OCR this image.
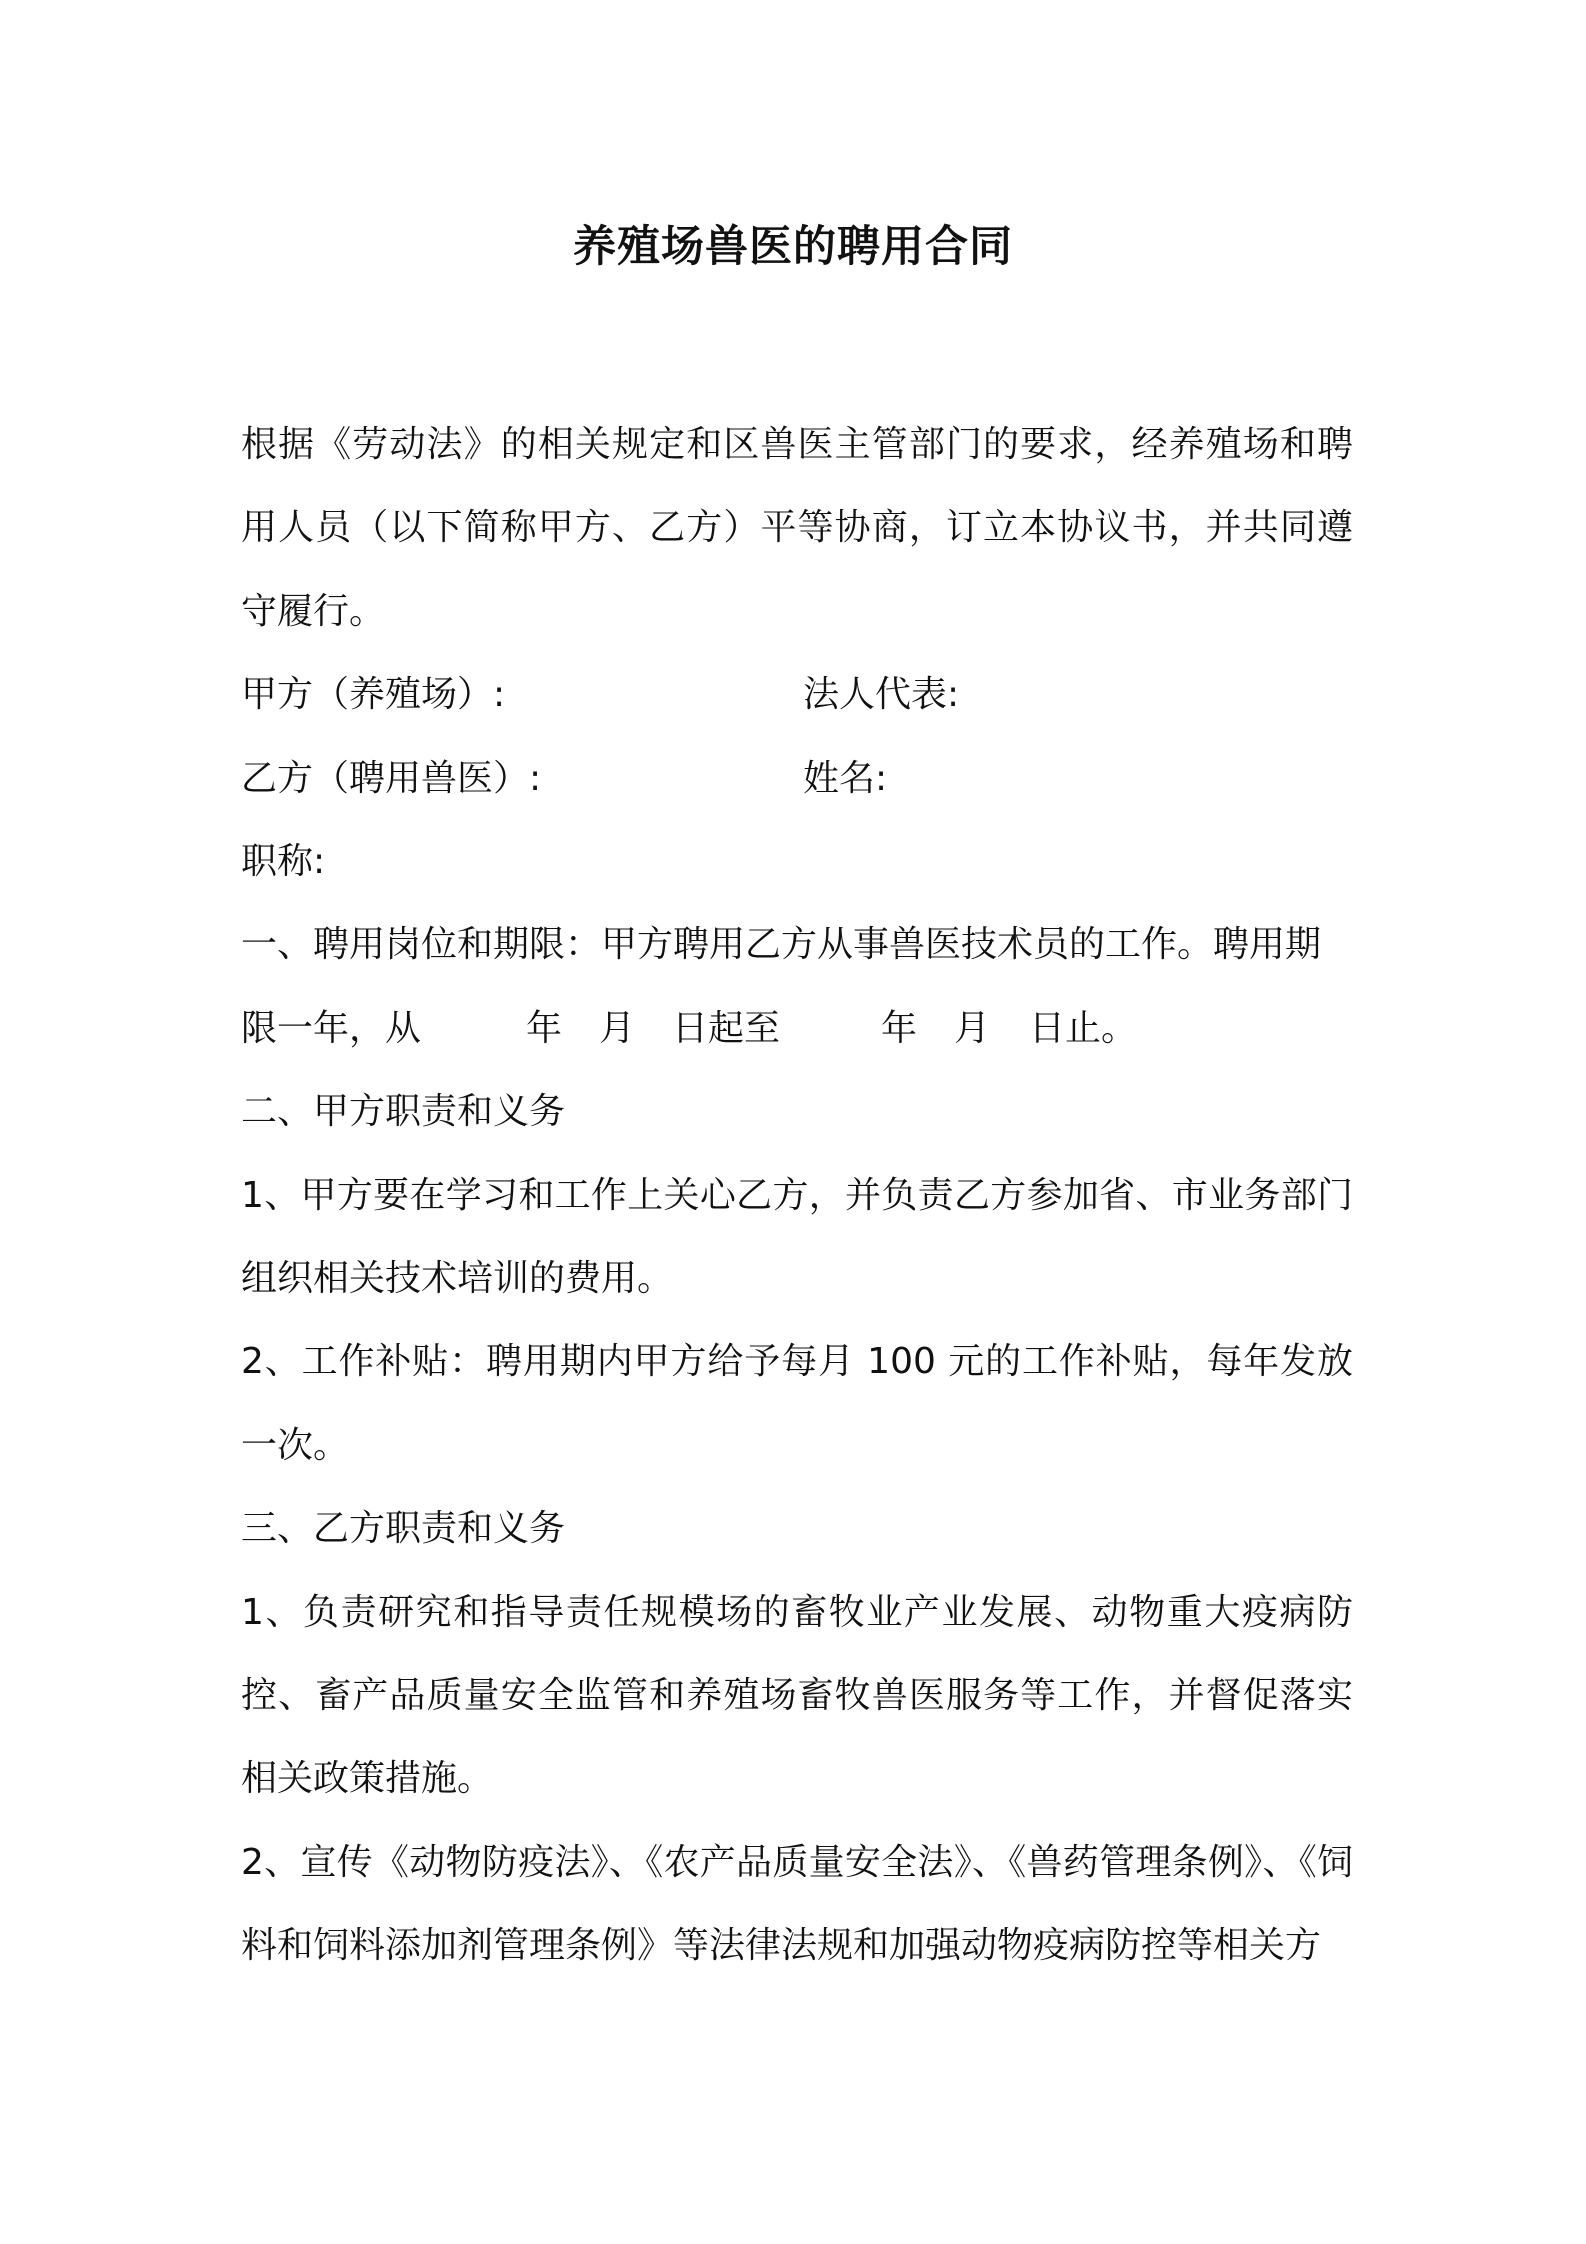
养殖场兽医的聘用合同
根据《劳动法》的相关规定和区兽医主管部门的要求，经养殖场和聘用人员（以下简称甲方、乙方）平等协商，订立本协议书，并共同遵守履行。
甲方（养殖场）:	法人代表:
乙方（聘用兽医）:	姓名:
职称:
一、聘用岗位和期限：甲方聘用乙方从事兽医技术员的工作。聘用期
限一年，从	年 月 日起至	年 月 日止。
二、甲方职责和义务
1、甲方要在学习和工作上关心乙方，并负责乙方参加省、市业务部门组织相关技术培训的费用。
2、工作补贴：聘用期内甲方给予每月 100 元的工作补贴，每年发放一次。
三、乙方职责和义务
1、负责研究和指导责任规模场的畜牧业产业发展、动物重大疫病防控、畜产品质量安全监管和养殖场畜牧兽医服务等工作，并督促落实相关政策措施。
2、宣传《动物防疫法》、《农产品质量安全法》、《兽药管理条例》、《饲料和饲料添加剂管理条例》等法律法规和加强动物疫病防控等相关方
